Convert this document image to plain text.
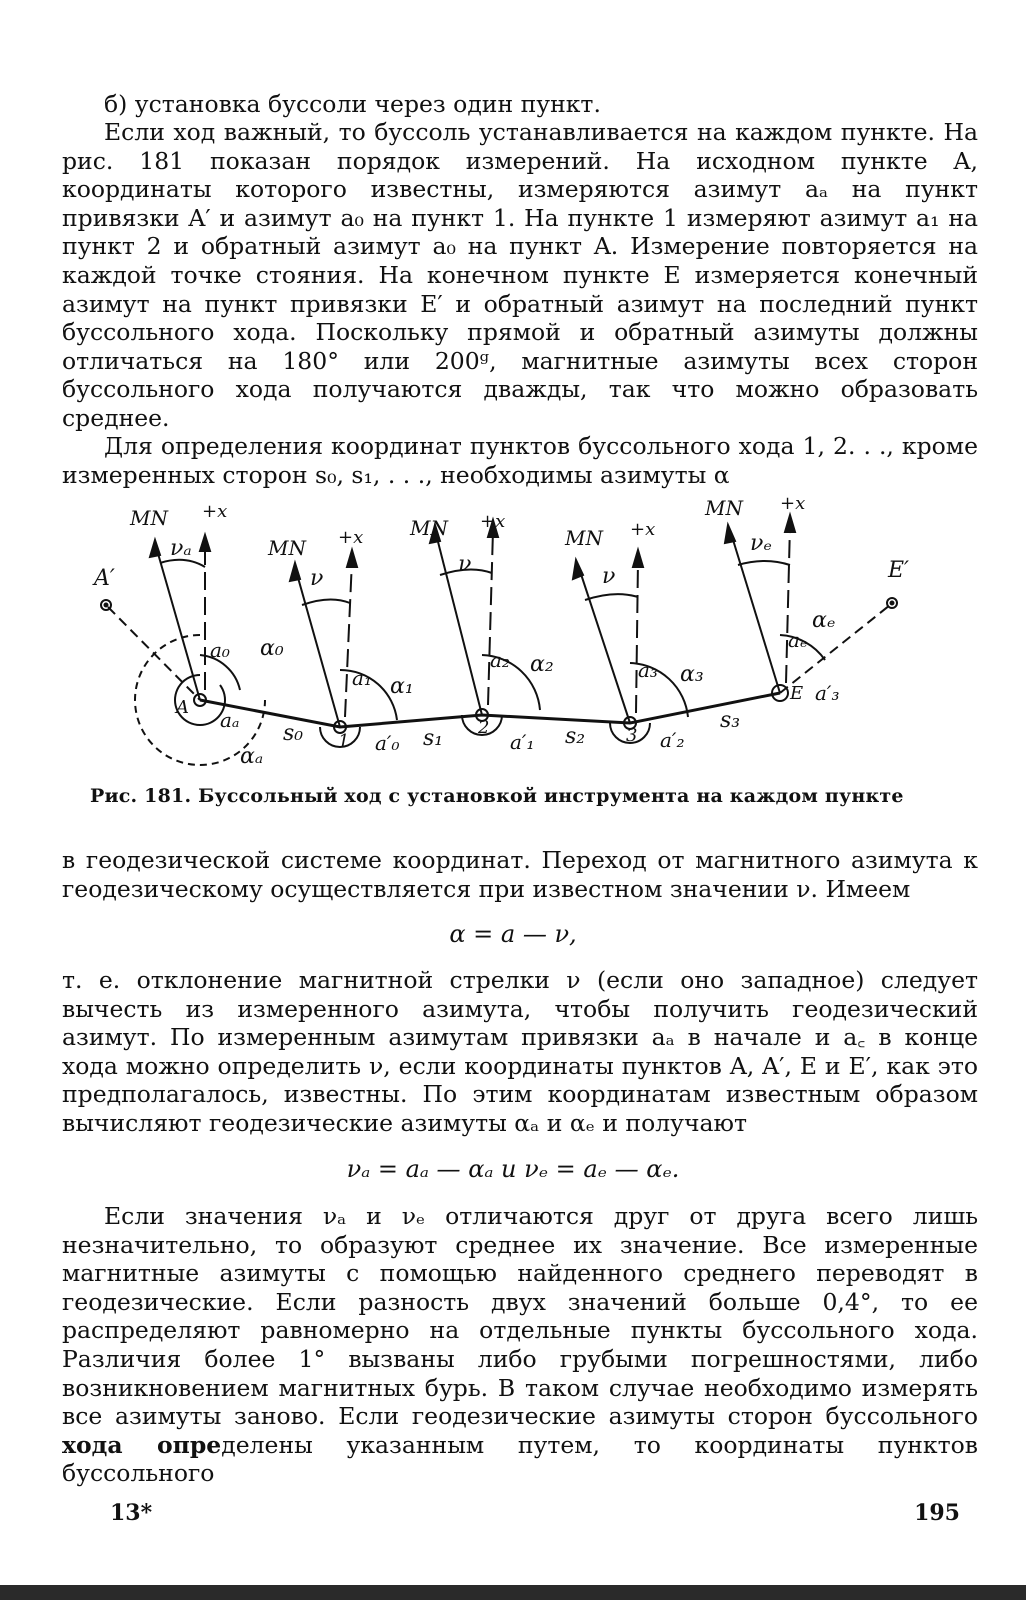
б) установка буссоли через один пункт.
Если ход важный, то буссоль устанавливается на каждом пункте. На рис. 181 показан порядок измерений. На исходном пункте A, координаты которого известны, измеряются азимут aₐ на пункт привязки A′ и азимут a₀ на пункт 1. На пункте 1 измеряют азимут a₁ на пункт 2 и обратный азимут a₀ на пункт A. Измерение повторяется на каждой точке стояния. На конечном пункте E измеряется конечный азимут на пункт привязки E′ и обратный азимут на последний пункт буссольного хода. Поскольку прямой и обратный азимуты должны отличаться на 180° или 200ᵍ, магнитные азимуты всех сторон буссольного хода получаются дважды, так что можно образовать среднее.
Для определения координат пунктов буссольного хода 1, 2. . ., кроме измеренных сторон s₀, s₁, . . ., необходимы азимуты α
MN +x
νₐ
A′
A
a₀ α₀
aₐ
αₐ
s₀
MN +x
ν
a₁ α₁
1 a′₀ s₁
MN +x
ν
a₂ α₂
2
a′₁ s₂
MN +x
ν
a₃ α₃
3 a′₂
s₃
MN +x
νₑ
E′
E
aₑ
αₑ
a′₃
Рис. 181. Буссольный ход с установкой инструмента на каждом пункте
в геодезической системе координат. Переход от магнитного азимута к геодезическому осуществляется при известном значении ν. Имеем
α = a — ν,
т. е. отклонение магнитной стрелки ν (если оно западное) следует вычесть из измеренного азимута, чтобы получить геодезический азимут. По измеренным азимутам привязки aₐ в начале и a꜀ в конце хода можно определить ν, если координаты пунктов A, A′, E и E′, как это предполагалось, известны. По этим координатам известным образом вычисляют геодезические азимуты αₐ и αₑ и получают
νₐ = aₐ — αₐ и νₑ = aₑ — αₑ.
Если значения νₐ и νₑ отличаются друг от друга всего лишь незначительно, то образуют среднее их значение. Все измеренные магнитные азимуты с помощью найденного среднего переводят в геодезические. Если разность двух значений больше 0,4°, то ее распределяют равномерно на отдельные пункты буссольного хода. Различия более 1° вызваны либо грубыми погрешностями, либо возникновением магнитных бурь. В таком случае необходимо измерять все азимуты заново. Если геодезические азимуты сторон буссольного хода определены указанным путем, то координаты пунктов буссольного
13*	195
